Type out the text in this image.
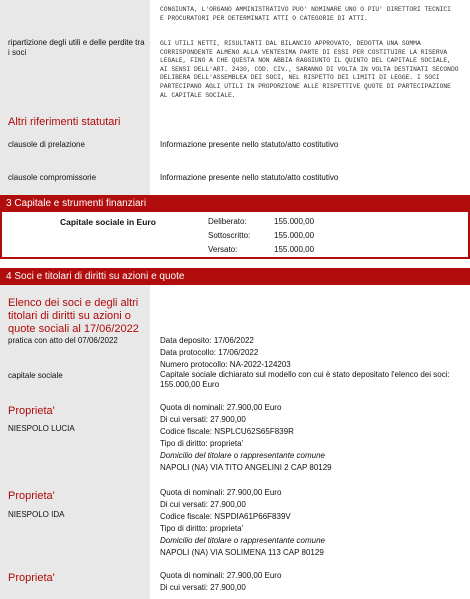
CONGIUNTA, L'ORGANO AMMINISTRATIVO PUO' NOMINARE UNO O PIU' DIRETTORI TECNICI
E PROCURATORI PER DETERMINATI ATTI O CATEGORIE DI ATTI.
ripartizione degli utili e delle perdite tra i soci
GLI UTILI NETTI, RISULTANTI DAL BILANCIO APPROVATO, DEDOTTA UNA SOMMA
CORRISPONDENTE ALMENO ALLA VENTESIMA PARTE DI ESSI PER COSTITUIRE LA RISERVA
LEGALE, FINO A CHE QUESTA NON ABBIA RAGGIUNTO IL QUINTO DEL CAPITALE SOCIALE,
AI SENSI DELL'ART. 2430, COD. CIV., SARANNO DI VOLTA IN VOLTA DESTINATI SECONDO
DELIBERA DELL'ASSEMBLEA DEI SOCI, NEL RISPETTO DEI LIMITI DI LEGGE. I SOCI
PARTECIPANO AGLI UTILI IN PROPORZIONE ALLE RISPETTIVE QUOTE DI PARTECIPAZIONE
AL CAPITALE SOCIALE.
Altri riferimenti statutari
clausole di prelazione	Informazione presente nello statuto/atto costitutivo
clausole compromissorie	Informazione presente nello statuto/atto costitutivo
3 Capitale e strumenti finanziari
Capitale sociale in Euro	Deliberato:	155.000,00
Sottoscritto:	155.000,00
Versato:	155.000,00
4 Soci e titolari di diritti su azioni e quote
Elenco dei soci e degli altri titolari di diritti su azioni o quote sociali al 17/06/2022
pratica con atto del 07/06/2022	Data deposito: 17/06/2022
Data protocollo: 17/06/2022
Numero protocollo: NA-2022-124203
capitale sociale	Capitale sociale dichiarato sul modello con cui è stato depositato l'elenco dei soci: 155.000,00 Euro
Proprieta'
NIESPOLO LUCIA
Quota di nominali: 27.900,00 Euro
Di cui versati: 27.900,00
Codice fiscale: NSPLCU62S65F839R
Tipo di diritto: proprieta'
Domicilio del titolare o rappresentante comune
NAPOLI (NA) VIA TITO ANGELINI 2 CAP 80129
Proprieta'
NIESPOLO IDA
Quota di nominali: 27.900,00 Euro
Di cui versati: 27.900,00
Codice fiscale: NSPDIA61P66F839V
Tipo di diritto: proprieta'
Domicilio del titolare o rappresentante comune
NAPOLI (NA) VIA SOLIMENA 113 CAP 80129
Proprieta'	Quota di nominali: 27.900,00 Euro
Di cui versati: 27.900,00
